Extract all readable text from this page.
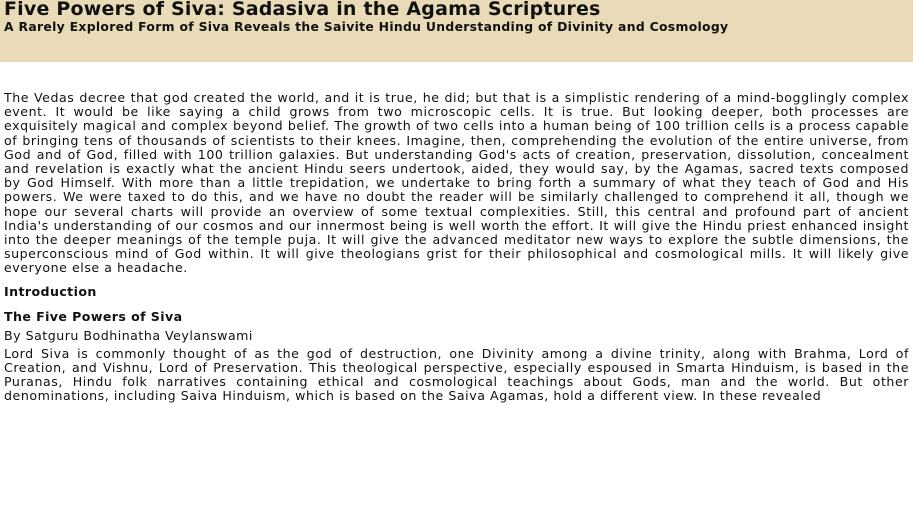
Five Powers of Siva: Sadasiva in the Agama Scriptures

A Rarely Explored Form of Siva Reveals the Saivite Hindu Understanding of Divinity and Cosmology

The Vedas decree that god created the world, and it is true, he did; but that is a simplistic rendering of a mind-bogglingly complex event. It would be like saying a child grows from two microscopic cells. It is true. But looking deeper, both processes are exquisitely magical and complex beyond belief. The growth of two cells into a human being of 100 trillion cells is a process capable of bringing tens of thousands of scientists to their knees. Imagine, then, comprehending the evolution of the entire universe, from God and of God, filled with 100 trillion galaxies. But understanding God's acts of creation, preservation, dissolution, concealment and revelation is exactly what the ancient Hindu seers undertook, aided, they would say, by the Agamas, sacred texts composed by God Himself. With more than a little trepidation, we undertake to bring forth a summary of what they teach of God and His powers. We were taxed to do this, and we have no doubt the reader will be similarly challenged to comprehend it all, though we hope our several charts will provide an overview of some textual complexities. Still, this central and profound part of ancient India's understanding of our cosmos and our innermost being is well worth the effort. It will give the Hindu priest enhanced insight into the deeper meanings of the temple puja. It will give the advanced meditator new ways to explore the subtle dimensions, the superconscious mind of God within. It will give theologians grist for their philosophical and cosmological mills. It will likely give everyone else a headache.

Introduction

The Five Powers of Siva

By Satguru Bodhinatha Veylanswami

Lord Siva is commonly thought of as the god of destruction, one Divinity among a divine trinity, along with Brahma, Lord of Creation, and Vishnu, Lord of Preservation. This theological perspective, especially espoused in Smarta Hinduism, is based in the Puranas, Hindu folk narratives containing ethical and cosmological teachings about Gods, man and the world. But other denominations, including Saiva Hinduism, which is based on the Saiva Agamas, hold a different view. In these revealed
